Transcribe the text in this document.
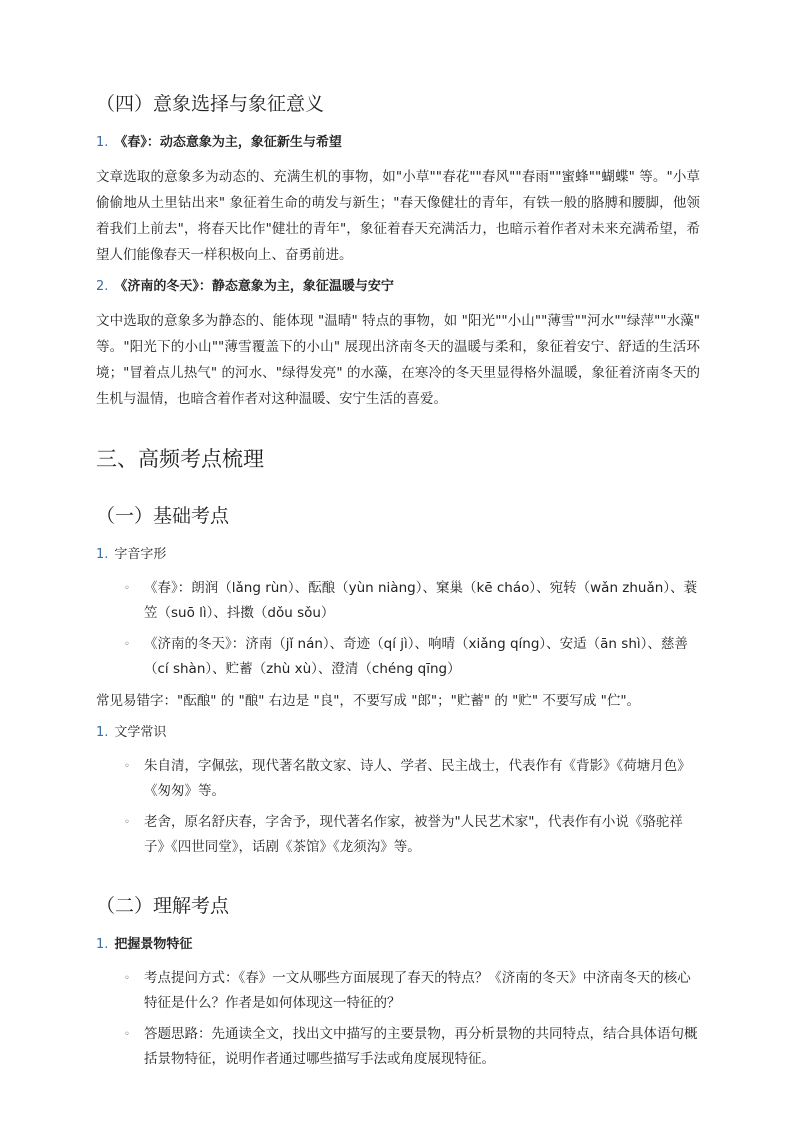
（四）意象选择与象征意义
1. 《春》：动态意象为主，象征新生与希望

文章选取的意象多为动态的、充满生机的事物，如"小草""春花""春风""春雨""蜜蜂""蝴蝶" 等。"小草偷偷地从土里钻出来" 象征着生命的萌发与新生；"春天像健壮的青年，有铁一般的胳膊和腰脚，他领着我们上前去"，将春天比作"健壮的青年"，象征着春天充满活力，也暗示着作者对未来充满希望，希望人们能像春天一样积极向上、奋勇前进。

2. 《济南的冬天》：静态意象为主，象征温暖与安宁

文中选取的意象多为静态的、能体现 "温晴" 特点的事物，如 "阳光""小山""薄雪""河水""绿萍""水藻" 等。"阳光下的小山""薄雪覆盖下的小山" 展现出济南冬天的温暖与柔和，象征着安宁、舒适的生活环境；"冒着点儿热气" 的河水、"绿得发亮" 的水藻，在寒冷的冬天里显得格外温暖，象征着济南冬天的生机与温情，也暗含着作者对这种温暖、安宁生活的喜爱。

三、高频考点梳理
（一）基础考点
1. 字音字形
◦ 《春》：朗润（lǎng rùn）、酝酿（yùn niàng）、窠巢（kē cháo）、宛转（wǎn zhuǎn）、蓑笠（suō lì）、抖擞（dǒu sǒu）
◦ 《济南的冬天》：济南（jǐ nán）、奇迹（qí jì）、响晴（xiǎng qíng）、安适（ān shì）、慈善（cí shàn）、贮蓄（zhù xù）、澄清（chéng qīng）

常见易错字："酝酿" 的 "酿" 右边是 "良"，不要写成 "郎"；"贮蓄" 的 "贮" 不要写成 "伫"。

1. 文学常识
◦ 朱自清，字佩弦，现代著名散文家、诗人、学者、民主战士，代表作有《背影》《荷塘月色》《匆匆》等。
◦ 老舍，原名舒庆春，字舍予，现代著名作家，被誉为"人民艺术家"，代表作有小说《骆驼祥子》《四世同堂》，话剧《茶馆》《龙须沟》等。
（二）理解考点
1. 把握景物特征
◦ 考点提问方式：《春》一文从哪些方面展现了春天的特点？《济南的冬天》中济南冬天的核心特征是什么？作者是如何体现这一特征的？
◦ 答题思路：先通读全文，找出文中描写的主要景物，再分析景物的共同特点，结合具体语句概括景物特征，说明作者通过哪些描写手法或角度展现特征。
